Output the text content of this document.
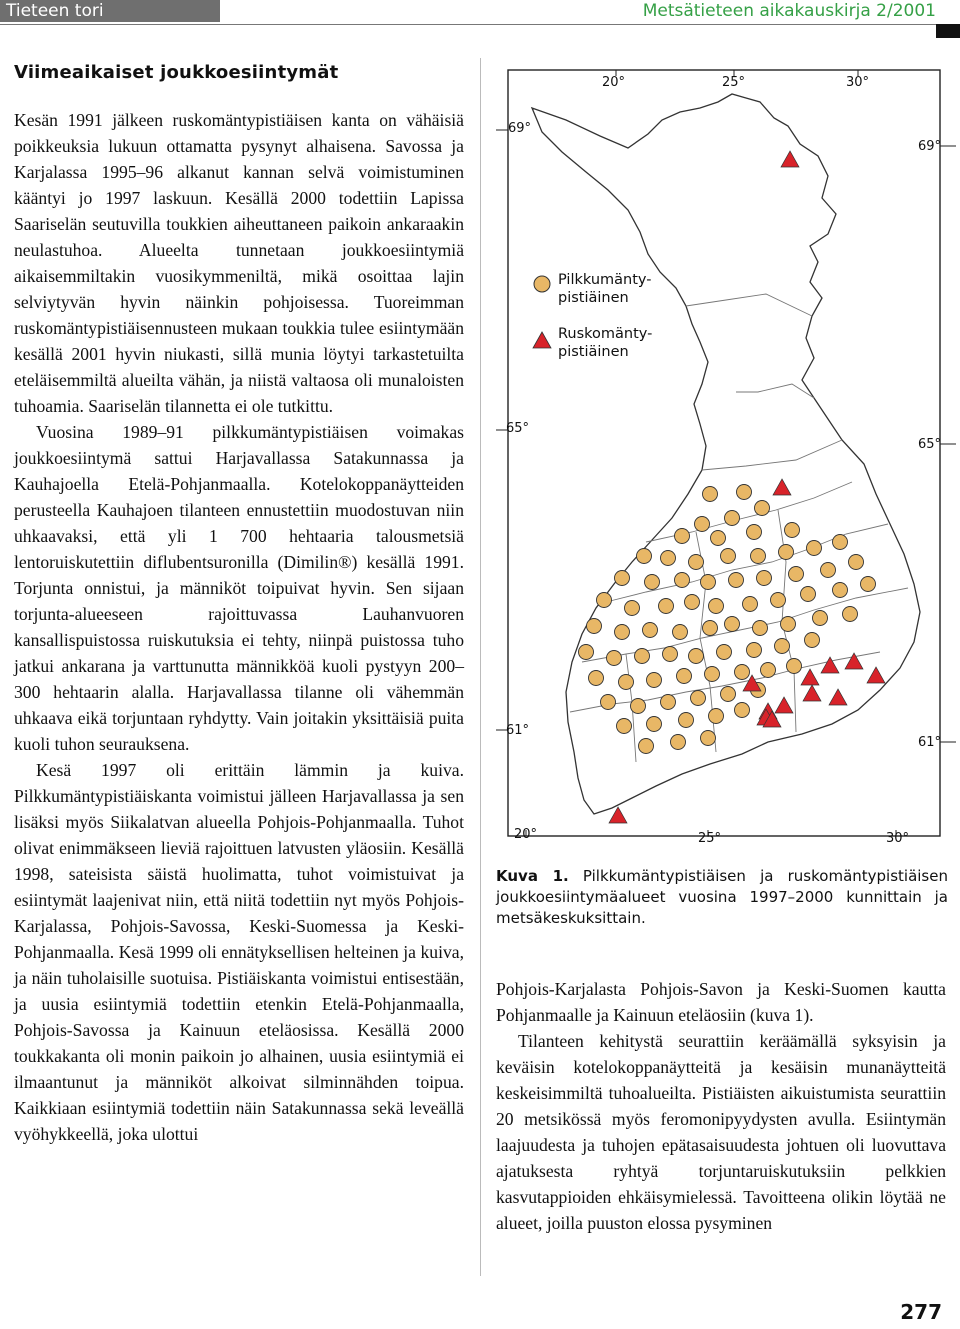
Tieteen tori	Metsätieteen aikakauskirja 2/2001
Viimeaikaiset joukkoesiintymät

Kesän 1991 jälkeen ruskomäntypistiäisen kanta on vähäisiä poikkeuksia lukuun ottamatta pysynyt alhaisena. Savossa ja Karjalassa 1995–96 alkanut kannan selvä voimistuminen kääntyi jo 1997 laskuun. Kesällä 2000 todettiin Lapissa Saariselän seutuvilla toukkien aiheuttaneen paikoin ankaraakin neulastuhoa. Alueelta tunnetaan joukkoesiintymiä aikaisemmiltakin vuosikymmeniltä, mikä osoittaa lajin selviytyvän hyvin näinkin pohjoisessa. Tuoreimman ruskomäntypistiäisennusteen mukaan toukkia tulee esiintymään kesällä 2001 hyvin niukasti, sillä munia löytyi tarkastetuilta eteläisemmiltä alueilta vähän, ja niistä valtaosa oli munaloisten tuhoamia. Saariselän tilannetta ei ole tutkittu.

Vuosina 1989–91 pilkkumäntypistiäisen voimakas joukkoesiintymä sattui Harjavallassa Satakunnassa ja Kauhajoella Etelä-Pohjanmaalla. Kotelokoppanäytteiden perusteella Kauhajoen tilanteen ennustettiin muodostuvan niin uhkaavaksi, että yli 1 700 hehtaaria talousmetsiä lentoruiskutettiin diflubentsuronilla (Dimilin®) kesällä 1991. Torjunta onnistui, ja männiköt toipuivat hyvin. Sen sijaan torjunta-alueeseen rajoittuvassa Lauhanvuoren kansallispuistossa ruiskutuksia ei tehty, niinpä puistossa tuho jatkui ankarana ja varttunutta männikköä kuoli pystyyn 200–300 hehtaarin alalla. Harjavallassa tilanne oli vähemmän uhkaava eikä torjuntaan ryhdytty. Vain joitakin yksittäisiä puita kuoli tuhon seurauksena.

Kesä 1997 oli erittäin lämmin ja kuiva. Pilkkumäntypistiäiskanta voimistui jälleen Harjavallassa ja sen lisäksi myös Siikalatvan alueella Pohjois-Pohjanmaalla. Tuhot olivat enimmäkseen lieviä rajoittuen latvusten yläosiin. Kesällä 1998, sateisista säistä huolimatta, tuhot voimistuivat ja esiintymät laajenivat niin, että niitä todettiin nyt myös Pohjois-Karjalassa, Pohjois-Savossa, Keski-Suomessa ja Keski-Pohjanmaalla. Kesä 1999 oli ennätyksellisen helteinen ja kuiva, ja näin tuholaisille suotuisa. Pistiäiskanta voimistui entisestään, ja uusia esiintymiä todettiin etenkin Etelä-Pohjanmaalla, Pohjois-Savossa ja Kainuun eteläosissa. Kesällä 2000 toukkakanta oli monin paikoin jo alhainen, uusia esiintymiä ei ilmaantunut ja männiköt alkoivat silminnähden toipua. Kaikkiaan esiintymiä todettiin näin Satakunnassa sekä leveällä vyöhykkeellä, joka ulottui

20°	25°	30°
20°	25°	30°
69°
65°
61°
69°
65°
61°
Pilkkumänty-
pistiäinen
Ruskomänty-
pistiäinen
Kuva 1. Pilkkumäntypistiäisen ja ruskomäntypistiäisen joukkoesiintymäalueet vuosina 1997–2000 kunnittain ja metsäkeskuksittain.

Pohjois-Karjalasta Pohjois-Savon ja Keski-Suomen kautta Pohjanmaalle ja Kainuun eteläosiin (kuva 1).

Tilanteen kehitystä seurattiin keräämällä syksyisin ja keväisin kotelokoppanäytteitä ja kesäisin munanäytteitä keskeisimmiltä tuhoalueilta. Pistiäisten aikuistumista seurattiin 20 metsikössä myös feromonipyydysten avulla. Esiintymän laajuudesta ja tuhojen epätasaisuudesta johtuen oli luovuttava ajatuksesta ryhtyä torjuntaruiskutuksiin pelkkien kasvutappioiden ehkäisymielessä. Tavoitteena olikin löytää ne alueet, joilla puuston elossa pysyminen

277
